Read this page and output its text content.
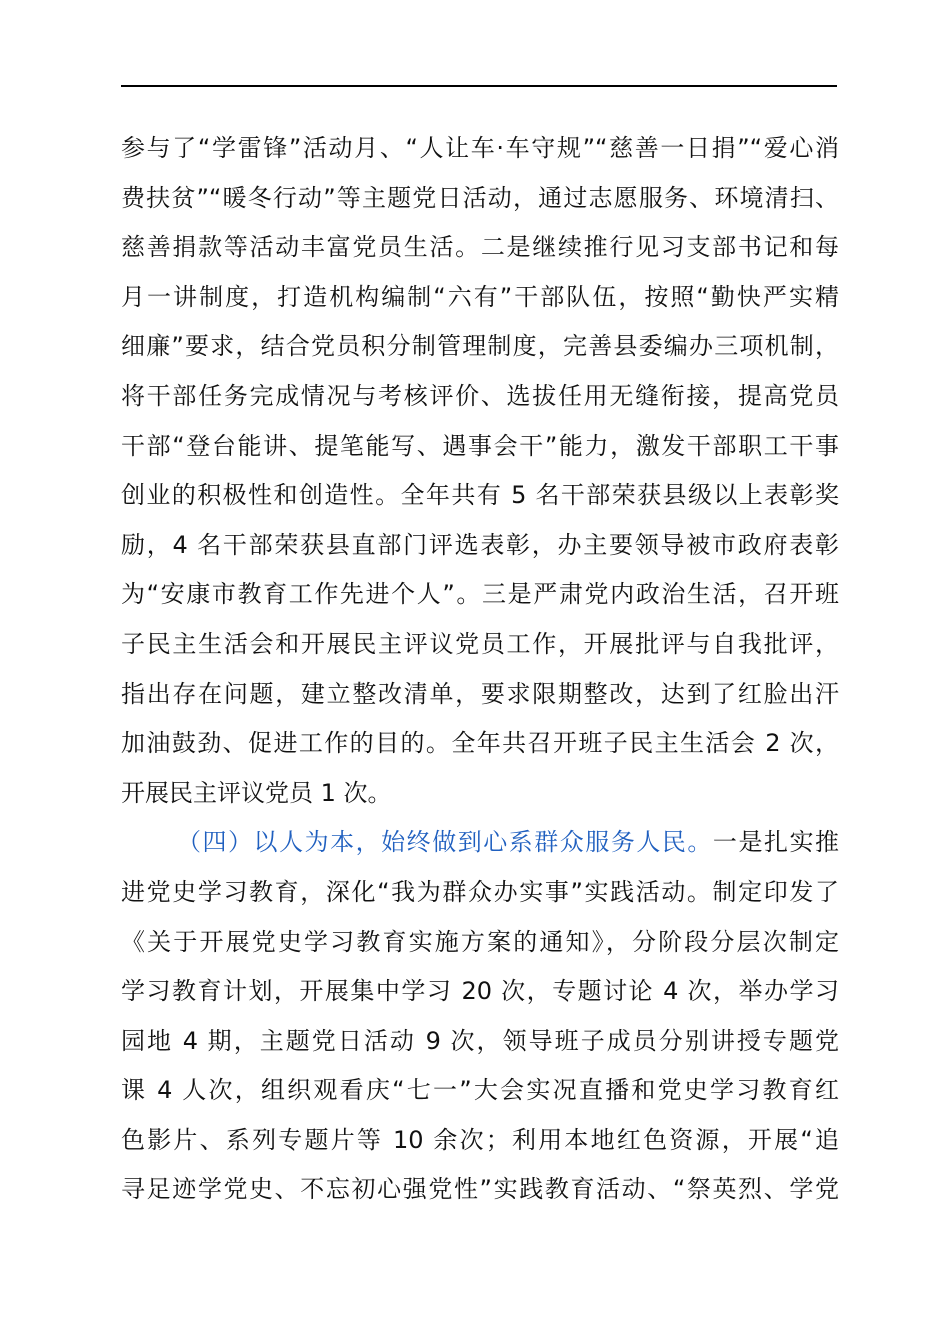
参与了“学雷锋”活动月、“人让车·车守规”“慈善一日捐”“爱心消
费扶贫”“暖冬行动”等主题党日活动，通过志愿服务、环境清扫、
慈善捐款等活动丰富党员生活。二是继续推行见习支部书记和每
月一讲制度，打造机构编制“六有”干部队伍，按照“勤快严实精
细廉”要求，结合党员积分制管理制度，完善县委编办三项机制，
将干部任务完成情况与考核评价、选拔任用无缝衔接，提高党员
干部“登台能讲、提笔能写、遇事会干”能力，激发干部职工干事
创业的积极性和创造性。全年共有 5 名干部荣获县级以上表彰奖
励，4 名干部荣获县直部门评选表彰，办主要领导被市政府表彰
为“安康市教育工作先进个人”。三是严肃党内政治生活，召开班
子民主生活会和开展民主评议党员工作，开展批评与自我批评，
指出存在问题，建立整改清单，要求限期整改，达到了红脸出汗
加油鼓劲、促进工作的目的。全年共召开班子民主生活会 2 次，
开展民主评议党员 1 次。
（四）以人为本，始终做到心系群众服务人民。一是扎实推
进党史学习教育，深化“我为群众办实事”实践活动。制定印发了
《关于开展党史学习教育实施方案的通知》，分阶段分层次制定
学习教育计划，开展集中学习 20 次，专题讨论 4 次，举办学习
园地 4 期，主题党日活动 9 次，领导班子成员分别讲授专题党
课 4 人次，组织观看庆“七一”大会实况直播和党史学习教育红
色影片、系列专题片等 10 余次；利用本地红色资源，开展“追
寻足迹学党史、不忘初心强党性”实践教育活动、“祭英烈、学党
